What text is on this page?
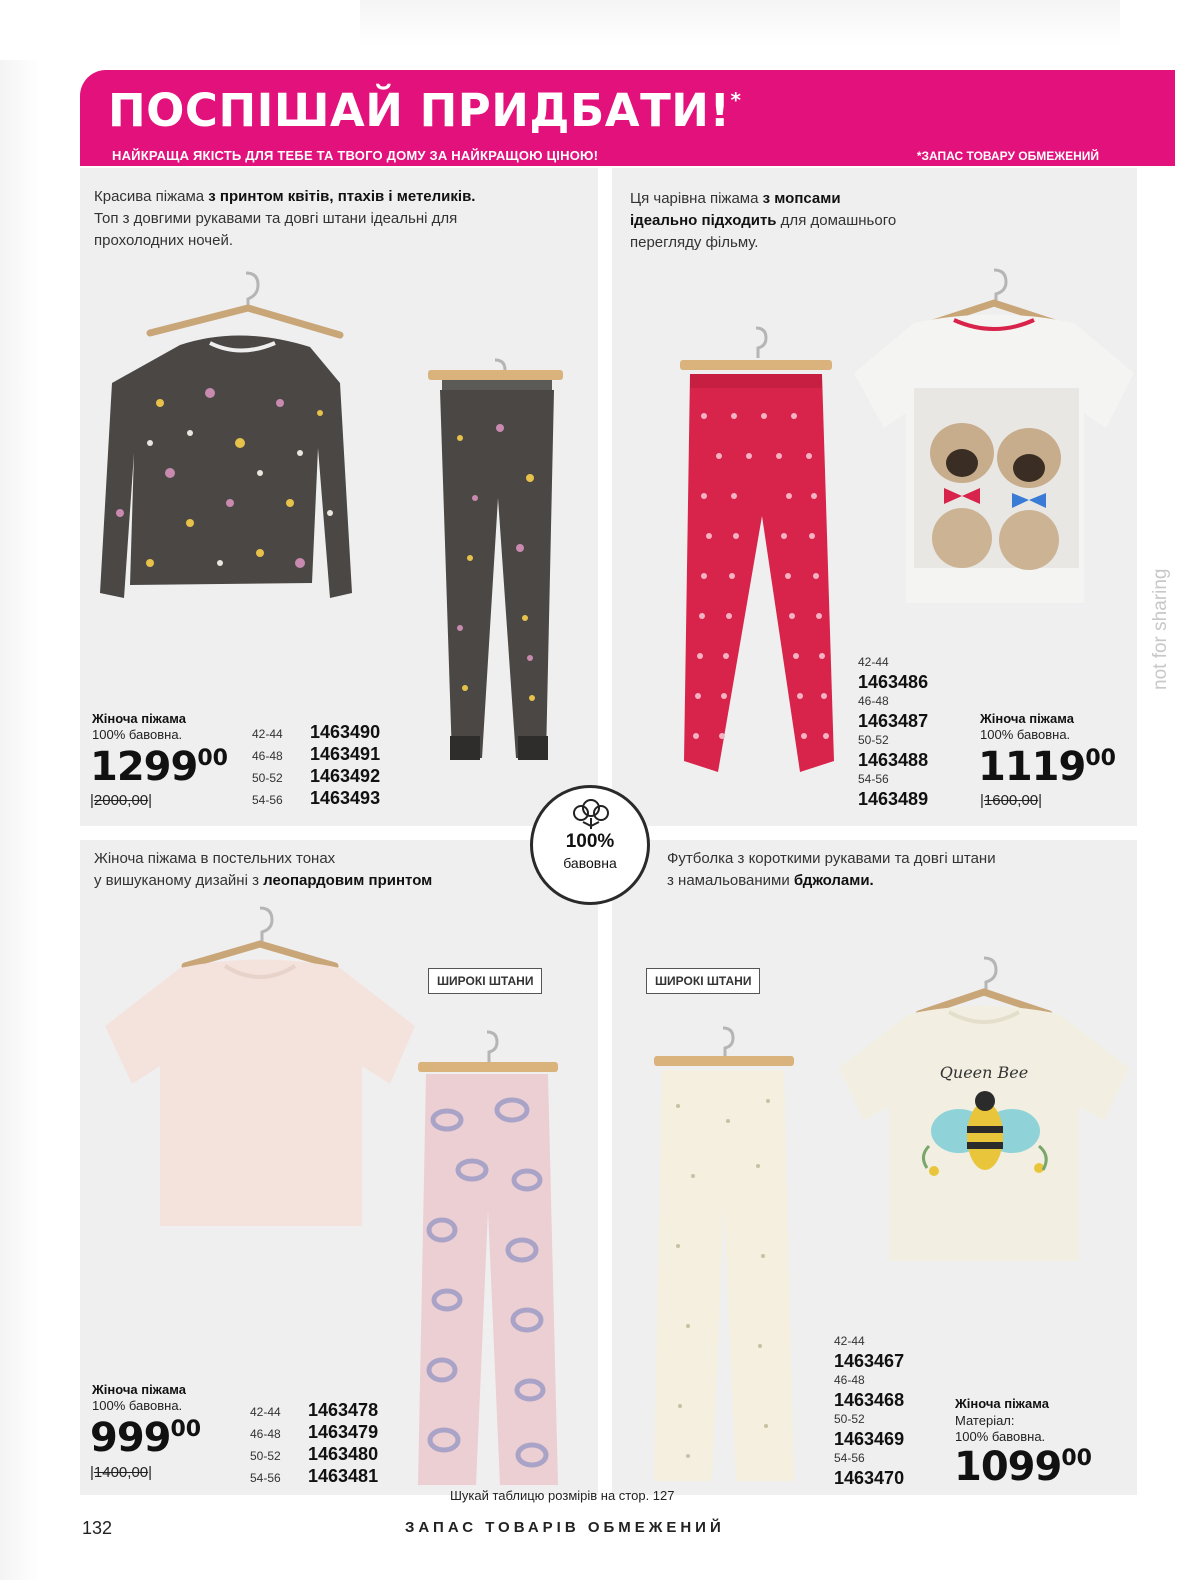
ПОСПІШАЙ ПРИДБАТИ!*
НАЙКРАЩА ЯКІСТЬ ДЛЯ ТЕБЕ ТА ТВОГО ДОМУ ЗА НАЙКРАЩОЮ ЦІНОЮ!	*ЗАПАС ТОВАРУ ОБМЕЖЕНИЙ
Красива піжама з принтом квітів, птахів і метеликів.
Топ з довгими рукавами та довгі штани ідеальні для
прохолодних ночей.
Жіноча піжама
100% бавовна.
1299$^{00}$
|2000,00|
42-44	1463490
46-48	1463491
50-52	1463492
54-56	1463493
Ця чарівна піжама з мопсами
ідеально підходить для домашнього
перегляду фільму.
42-44
1463486
46-48
1463487
50-52
1463488
54-56
1463489
Жіноча піжама
100% бавовна.
1119$^{00}$
|1600,00|
Жіноча піжама в постельних тонах
у вишуканому дизайні з леопардовим принтом
ШИРОКІ ШТАНИ
Жіноча піжама
100% бавовна.
$999^{00}$
|1400,00|
42-44	1463478
46-48	1463479
50-52	1463480
54-56	1463481
Футболка з короткими рукавами та довгі штани
з намальованими бджолами.
ШИРОКІ ШТАНИ
Queen Bee
42-44
1463467
46-48
1463468
50-52
1463469
54-56
1463470
Жіноча піжама
Матеріал:
100% бавовна.
1099$^{00}$
100%
бавовна
not for sharing
Шукай таблицю розмірів на стор. 127
132	ЗАПАС ТОВАРІВ ОБМЕЖЕНИЙ
